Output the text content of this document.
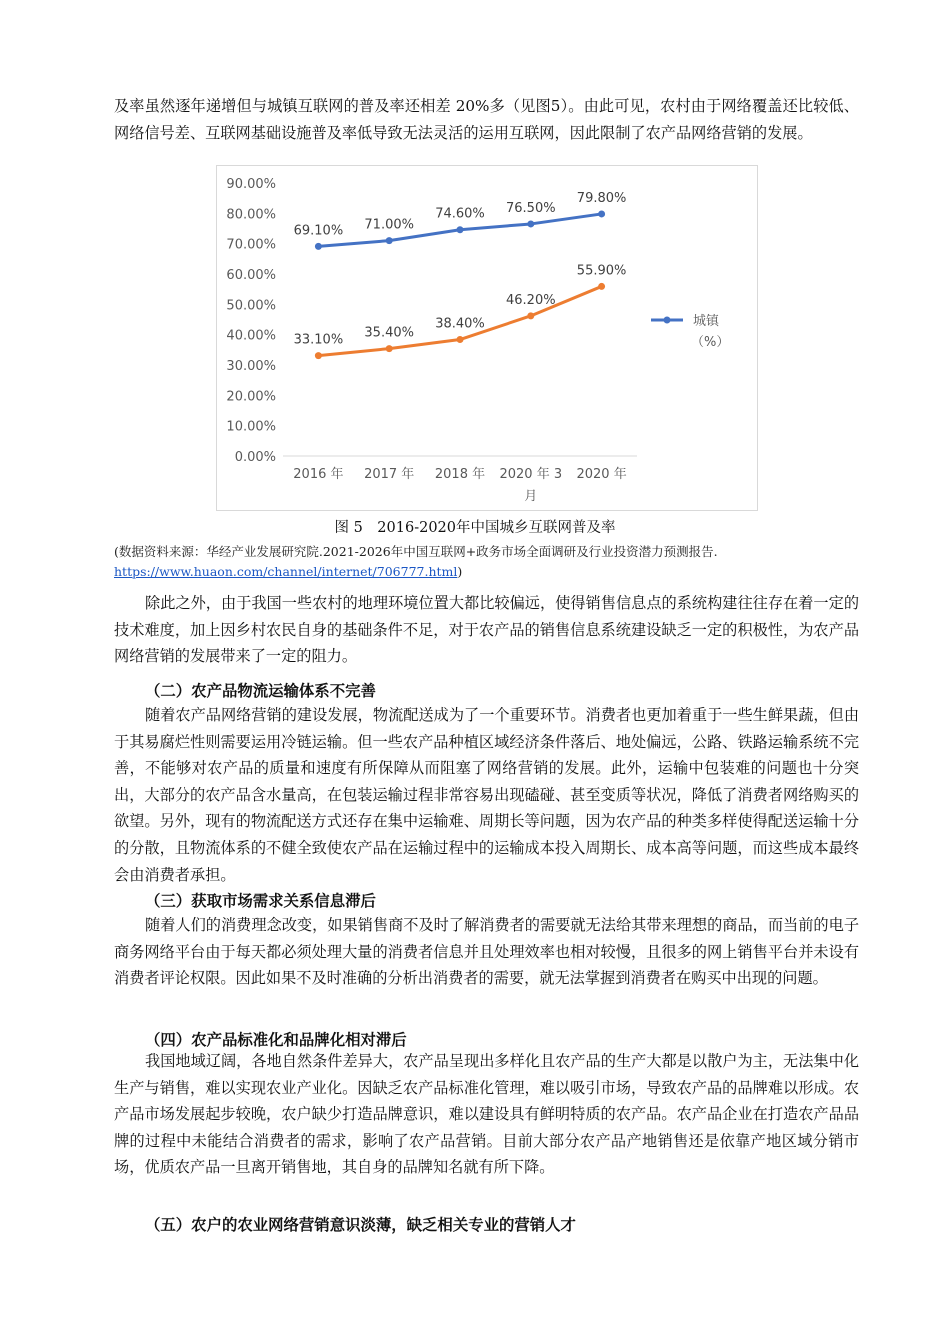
及率虽然逐年递增但与城镇互联网的普及率还相差 20%多（见图5）。由此可见，农村由于网络覆盖还比较低、网络信号差、互联网基础设施普及率低导致无法灵活的运用互联网，因此限制了农产品网络营销的发展。

0.00%
10.00%
20.00%
30.00%
40.00%
50.00%
60.00%
70.00%
80.00%
90.00%
2016 年 2017 年 2018 年 2020 年 3
月
2020 年
69.10% 71.00%
74.60% 76.50%
79.80%
33.10% 35.40%
38.40%
46.20%
55.90%
城镇
（%）
图 5　2016-2020年中国城乡互联网普及率
(数据资料来源：华经产业发展研究院.2021-2026年中国互联网+政务市场全面调研及行业投资潜力预测报告.
https://www.huaon.com/channel/internet/706777.html)

除此之外，由于我国一些农村的地理环境位置大都比较偏远，使得销售信息点的系统构建往往存在着一定的技术难度，加上因乡村农民自身的基础条件不足，对于农产品的销售信息系统建设缺乏一定的积极性，为农产品网络营销的发展带来了一定的阻力。

（二）农产品物流运输体系不完善

随着农产品网络营销的建设发展，物流配送成为了一个重要环节。消费者也更加着重于一些生鲜果蔬，但由于其易腐烂性则需要运用冷链运输。但一些农产品种植区域经济条件落后、地处偏远，公路、铁路运输系统不完善，不能够对农产品的质量和速度有所保障从而阻塞了网络营销的发展。此外，运输中包装难的问题也十分突出，大部分的农产品含水量高，在包装运输过程非常容易出现磕碰、甚至变质等状况，降低了消费者网络购买的欲望。另外，现有的物流配送方式还存在集中运输难、周期长等问题，因为农产品的种类多样使得配送运输十分的分散，且物流体系的不健全致使农产品在运输过程中的运输成本投入周期长、成本高等问题，而这些成本最终会由消费者承担。

（三）获取市场需求关系信息滞后

随着人们的消费理念改变，如果销售商不及时了解消费者的需要就无法给其带来理想的商品，而当前的电子商务网络平台由于每天都必须处理大量的消费者信息并且处理效率也相对较慢，且很多的网上销售平台并未设有消费者评论权限。因此如果不及时准确的分析出消费者的需要，就无法掌握到消费者在购买中出现的问题。

（四）农产品标准化和品牌化相对滞后

我国地域辽阔，各地自然条件差异大，农产品呈现出多样化且农产品的生产大都是以散户为主，无法集中化生产与销售，难以实现农业产业化。因缺乏农产品标准化管理，难以吸引市场，导致农产品的品牌难以形成。农产品市场发展起步较晚，农户缺少打造品牌意识，难以建设具有鲜明特质的农产品。农产品企业在打造农产品品牌的过程中未能结合消费者的需求，影响了农产品营销。目前大部分农产品产地销售还是依靠产地区域分销市场，优质农产品一旦离开销售地，其自身的品牌知名就有所下降。

（五）农户的农业网络营销意识淡薄，缺乏相关专业的营销人才
